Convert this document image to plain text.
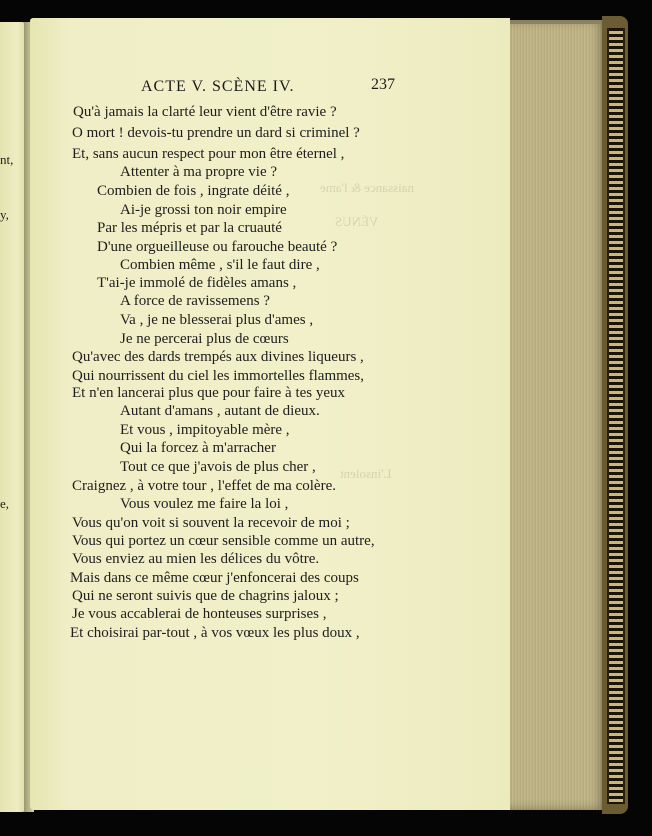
nt,
y,
e,
naissance & l'ame
VÉNUS
L'insolent
ACTE V. SCÈNE IV.	237
Qu'à jamais la clarté leur vient d'être ravie ?
O mort ! devois-tu prendre un dard si criminel ?
Et, sans aucun respect pour mon être éternel ,
Attenter à ma propre vie ?
Combien de fois , ingrate déité ,
Ai-je grossi ton noir empire
Par les mépris et par la cruauté
D'une orgueilleuse ou farouche beauté ?
Combien même , s'il le faut dire ,
T'ai-je immolé de fidèles amans ,
A force de ravissemens ?
Va , je ne blesserai plus d'ames ,
Je ne percerai plus de cœurs
Qu'avec des dards trempés aux divines liqueurs ,
Qui nourrissent du ciel les immortelles flammes,
Et n'en lancerai plus que pour faire à tes yeux
Autant d'amans , autant de dieux.
Et vous , impitoyable mère ,
Qui la forcez à m'arracher
Tout ce que j'avois de plus cher ,
Craignez , à votre tour , l'effet de ma colère.
Vous voulez me faire la loi ,
Vous qu'on voit si souvent la recevoir de moi ;
Vous qui portez un cœur sensible comme un autre,
Vous enviez au mien les délices du vôtre.
Mais dans ce même cœur j'enfoncerai des coups
Qui ne seront suivis que de chagrins jaloux ;
Je vous accablerai de honteuses surprises ,
Et choisirai par-tout , à vos vœux les plus doux ,
